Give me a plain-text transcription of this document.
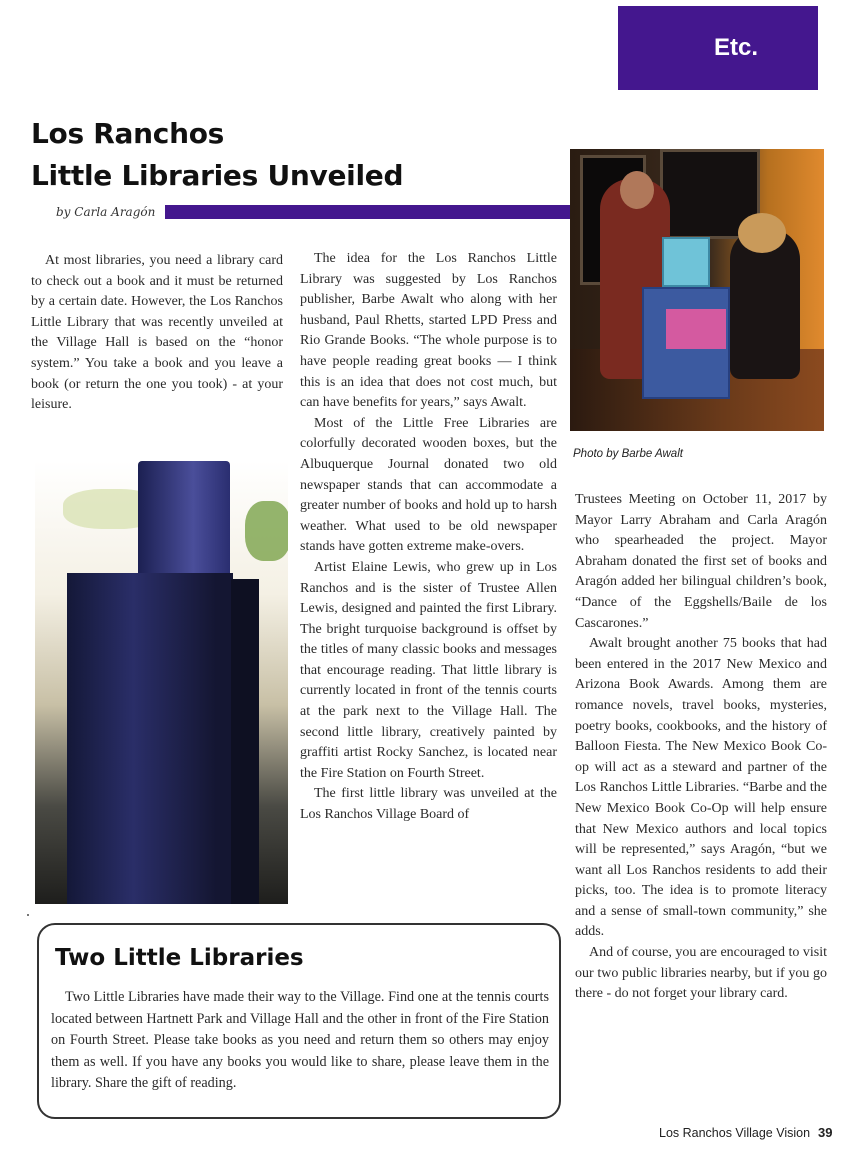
Etc.
Los Ranchos
Little Libraries Unveiled
by Carla Aragón

At most libraries, you need a library card to check out a book and it must be returned by a certain date. However, the Los Ranchos Little Library that was recently unveiled at the Village Hall is based on the “honor system.” You take a book and you leave a book (or return the one you took) - at your leisure.

The idea for the Los Ranchos Little Library was suggested by Los Ranchos publisher, Barbe Awalt who along with her husband, Paul Rhetts, started LPD Press and Rio Grande Books. “The whole purpose is to have people reading great books — I think this is an idea that does not cost much, but can have benefits for years,” says Awalt.

Most of the Little Free Libraries are colorfully decorated wooden boxes, but the Albuquerque Journal donated two old newspaper stands that can accommodate a greater number of books and hold up to harsh weather. What used to be old newspaper stands have gotten extreme make-overs.

Artist Elaine Lewis, who grew up in Los Ranchos and is the sister of Trustee Allen Lewis, designed and painted the first Library. The bright turquoise background is offset by the titles of many classic books and messages that encourage reading. That little library is currently located in front of the tennis courts at the park next to the Village Hall. The second little library, creatively painted by graffiti artist Rocky Sanchez, is located near the Fire Station on Fourth Street.

The first little library was unveiled at the Los Ranchos Village Board of

Photo by Barbe Awalt

Trustees Meeting on October 11, 2017 by Mayor Larry Abraham and Carla Aragón who spearheaded the project. Mayor Abraham donated the first set of books and Aragón added her bilingual children’s book, “Dance of the Eggshells/Baile de los Cascarones.”

Awalt brought another 75 books that had been entered in the 2017 New Mexico and Arizona Book Awards. Among them are romance novels, travel books, mysteries, poetry books, cookbooks, and the history of Balloon Fiesta. The New Mexico Book Co-op will act as a steward and partner of the Los Ranchos Little Libraries. “Barbe and the New Mexico Book Co-Op will help ensure that New Mexico authors and local topics will be represented,” says Aragón, “but we want all Los Ranchos residents to add their picks, too. The idea is to promote literacy and a sense of small-town community,” she adds.

And of course, you are encouraged to visit our two public libraries nearby, but if you go there - do not forget your library card.

Two Little Libraries
Two Little Libraries have made their way to the Village. Find one at the tennis courts located between Hartnett Park and Village Hall and the other in front of the Fire Station on Fourth Street. Please take books as you need and return them so others may enjoy them as well. If you have any books you would like to share, please leave them in the library. Share the gift of reading.
Los Ranchos Village Vision 39
